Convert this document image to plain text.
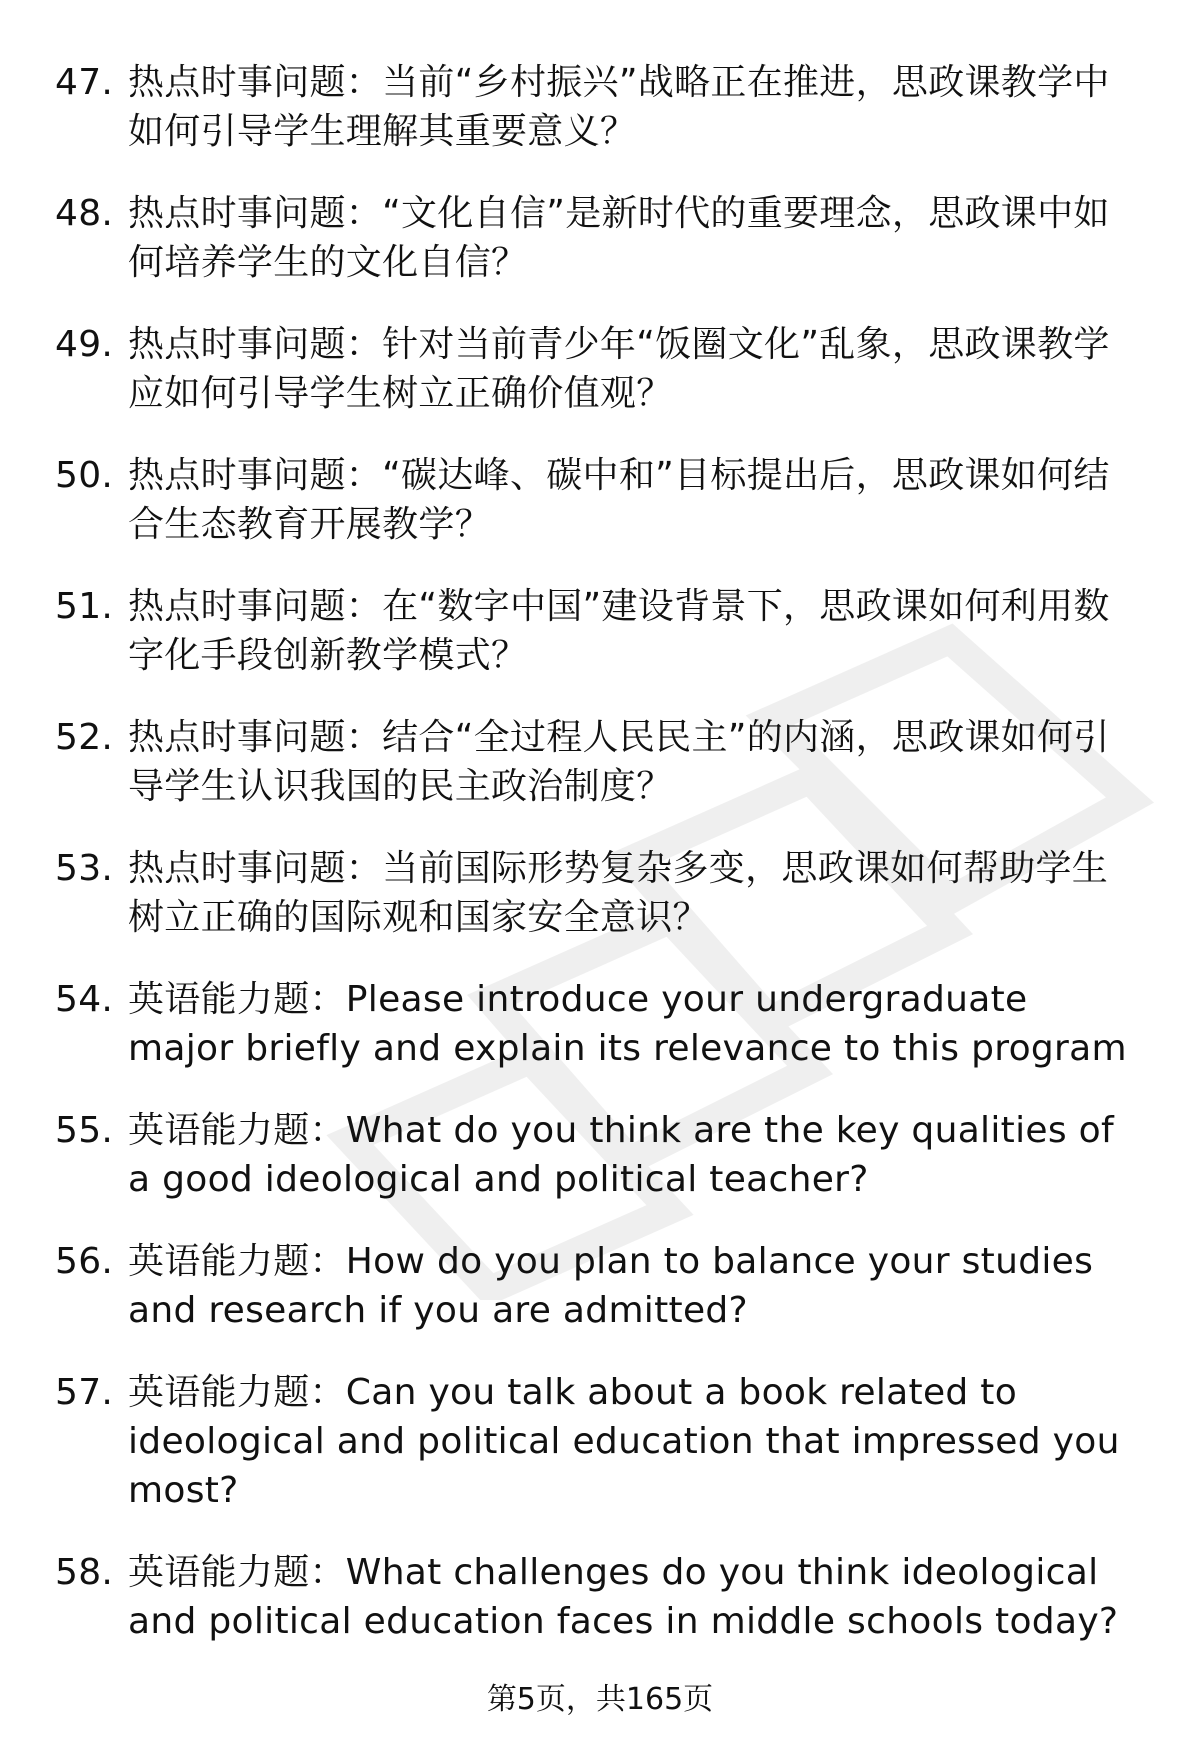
47. 热点时事问题：当前“乡村振兴”战略正在推进，思政课教学中如何引导学生理解其重要意义？
48. 热点时事问题：“文化自信”是新时代的重要理念，思政课中如何培养学生的文化自信？
49. 热点时事问题：针对当前青少年“饭圈文化”乱象，思政课教学应如何引导学生树立正确价值观？
50. 热点时事问题：“碳达峰、碳中和”目标提出后，思政课如何结合生态教育开展教学？
51. 热点时事问题：在“数字中国”建设背景下，思政课如何利用数字化手段创新教学模式？
52. 热点时事问题：结合“全过程人民民主”的内涵，思政课如何引导学生认识我国的民主政治制度？
53. 热点时事问题：当前国际形势复杂多变，思政课如何帮助学生树立正确的国际观和国家安全意识？
54. 英语能力题：Please introduce your undergraduate major briefly and explain its relevance to this program
55. 英语能力题：What do you think are the key qualities of a good ideological and political teacher?
56. 英语能力题：How do you plan to balance your studies and research if you are admitted?
57. 英语能力题：Can you talk about a book related to ideological and political education that impressed you most?
58. 英语能力题：What challenges do you think ideological and political education faces in middle schools today?
第5页，共165页
